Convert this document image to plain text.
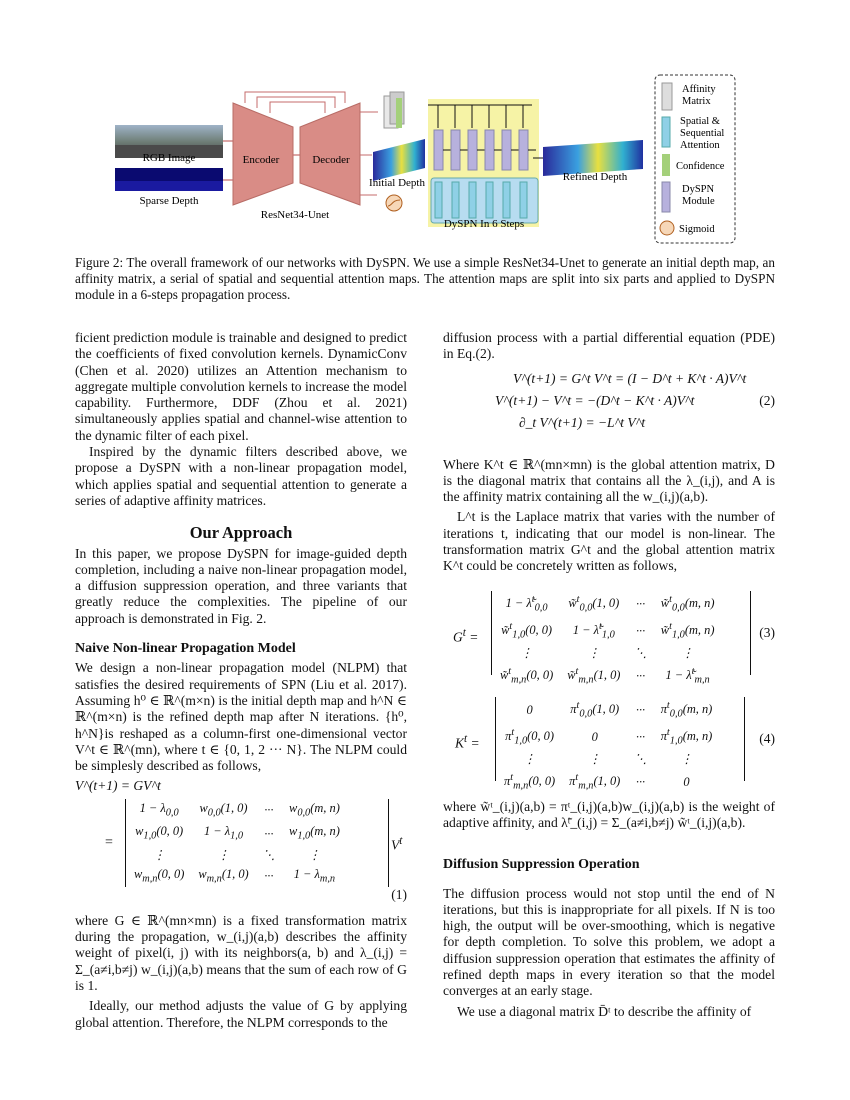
RGB Image
Sparse Depth
Encoder	Decoder
ResNet34-Unet
Initial Depth
DySPN In 6 Steps
Refined Depth
Affinity Matrix
Spatial & Sequential Attention
Confidence
DySPN Module
Sigmoid
Figure 2: The overall framework of our networks with DySPN. We use a simple ResNet34-Unet to generate an initial depth map, an affinity matrix, a serial of spatial and sequential attention maps. The attention maps are split into six parts and applied to DySPN module in a 6-steps propagation process.

ficient prediction module is trainable and designed to predict the coefficients of fixed convolution kernels. DynamicConv (Chen et al. 2020) utilizes an Attention mechanism to aggregate multiple convolution kernels to increase the model capability. Furthermore, DDF (Zhou et al. 2021) simultaneously applies spatial and channel-wise attention to the dynamic filter of each pixel.

Inspired by the dynamic filters described above, we propose a DySPN with a non-linear propagation model, which applies spatial and sequential attention to generate a series of adaptive affinity matrices.

Our Approach

In this paper, we propose DySPN for image-guided depth completion, including a naive non-linear propagation model, a diffusion suppression operation, and three variants that greatly reduce the complexities. The pipeline of our approach is demonstrated in Fig. 2.

Naive Non-linear Propagation Model

We design a non-linear propagation model (NLPM) that satisfies the desired requirements of SPN (Liu et al. 2017). Assuming h⁰ ∈ ℝ^(m×n) is the initial depth map and h^N ∈ ℝ^(m×n) is the refined depth map after N iterations. {h⁰, h^N}is reshaped as a column-first one-dimensional vector V^t ∈ ℝ^(mn), where t ∈ {0, 1, 2 ··· N}. The NLPM could be simplesly described as follows,

V^(t+1) = GV^t
=
$1 - \lambda_{0,0}$	$w_{0,0}(1$, 0)	···	$w_{0,0}(m$, n)
$w_{1,0}(0$, 0)	$1 - \lambda_{1,0}$	···	$w_{1,0}(m$, n)
⋮	⋮	⋱	⋮
$w_{m,n}(0$, 0)	$w_{m,n}(1$, 0)	···	$1 - \lambda_{m,n}$
$V^t$
(1)

where G ∈ ℝ^(mn×mn) is a fixed transformation matrix during the propagation, w_(i,j)(a,b) describes the affinity weight of pixel(i, j) with its neighbors(a, b) and λ_(i,j) = Σ_(a≠i,b≠j) w_(i,j)(a,b) means that the sum of each row of G is 1.

Ideally, our method adjusts the value of G by applying global attention. Therefore, the NLPM corresponds to the

diffusion process with a partial differential equation (PDE) in Eq.(2).

V^(t+1) = G^t V^t = (I − D^t + K^t · A)V^t
V^(t+1) − V^t = −(D^t − K^t · A)V^t
∂_t V^(t+1) = −L^t V^t
(2)

Where K^t ∈ ℝ^(mn×mn) is the global attention matrix, D is the diagonal matrix that contains all the λ_(i,j), and A is the affinity matrix containing all the w_(i,j)(a,b).

L^t is the Laplace matrix that varies with the number of iterations t, indicating that our model is non-linear. The transformation matrix G^t and the global attention matrix K^t could be concretely written as follows,

$G^t$ =
1 − λ̃$^t_{0,0}$	w̃$^t_{0,0}$(1, 0)	···	w̃$^t_{0,0}$(m, n)
w̃$^t_{1,0}$(0, 0)	1 − λ̃$^t_{1,0}$	···	w̃$^t_{1,0}$(m, n)
⋮	⋮	⋱	⋮
w̃$^t_{m,n}$(0, 0)	w̃$^t_{m,n}$(1, 0)	···	1 − λ̃$^t_{m,n}$
(3)
$K^t$ =
0	$\pi^t_{0,0}(1$, 0)	···	$\pi^t_{0,0}(m$, n)
$\pi^t_{1,0}(0$, 0)	0	···	$\pi^t_{1,0}(m$, n)
⋮	⋮	⋱	⋮
$\pi^t_{m,n}(0$, 0)	$\pi^t_{m,n}(1$, 0)	···	0
(4)

where w̃ᵗ_(i,j)(a,b) = πᵗ_(i,j)(a,b)w_(i,j)(a,b) is the weight of adaptive affinity, and λ̃ᵗ_(i,j) = Σ_(a≠i,b≠j) w̃ᵗ_(i,j)(a,b).

Diffusion Suppression Operation

The diffusion process would not stop until the end of N iterations, but this is inappropriate for all pixels. If N is too high, the output will be over-smoothing, which is negative for depth completion. To solve this problem, we adopt a diffusion suppression operation that estimates the affinity of refined depth maps in every iteration so that the model converges at an early stage.

We use a diagonal matrix D̄ᵗ to describe the affinity of
